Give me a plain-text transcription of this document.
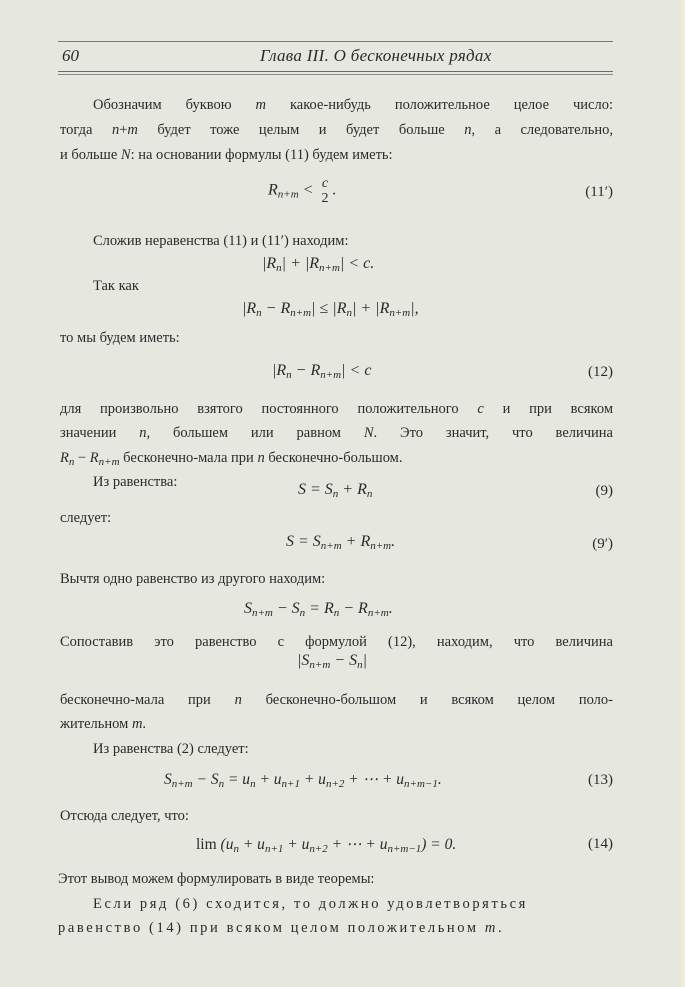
60	Глава III. О бесконечных рядах
Обозначим буквою m какое-нибудь положительное целое число:
тогда n+m будет тоже целым и будет больше n, а следовательно,
и больше N: на основании формулы (11) будем иметь:
$R_{n+m} < c$
2 .	(11′)
Сложив неравенства (11) и (11′) находим:
$|R_n| + |R_{n+m}| < c$.
Так как
$|R_n - R_{n+m}| \le |R_n| + |R_{n+m}|$,
то мы будем иметь:
$|R_n - R_{n+m}| < c$	(12)
для произвольно взятого постоянного положительного c и при всяком
значении n, большем или равном N. Это значит, что величина
$R_n - R_{n+m}$ бесконечно-мала при n бесконечно-большом.
Из равенства:	$S = S_n + R_n$	(9)
следует:
$S = S_{n+m} + R_{n+m}$.	(9′)
Вычтя одно равенство из другого находим:
$S_{n+m} - S_n = R_n - R_{n+m}$.
Сопоставив это равенство с формулой (12), находим, что величина
$|S_{n+m} - S_n|$
бесконечно-мала при n бесконечно-большом и всяком целом поло-
жительном m.
Из равенства (2) следует:
$S_{n+m} - S_n = u_n + u_{n+1} + u_{n+2}$ + ⋯ + $u_{n+m-1}$.	(13)
Отсюда следует, что:
$\lim (u_n + u_{n+1} + u_{n+2}$ + ⋯ + $u_{n+m-1}) = 0$.	(14)
Этот вывод можем формулировать в виде теоремы:
Если ряд (6) сходится, то должно удовлетворяться
равенство (14) при всяком целом положительном m.
